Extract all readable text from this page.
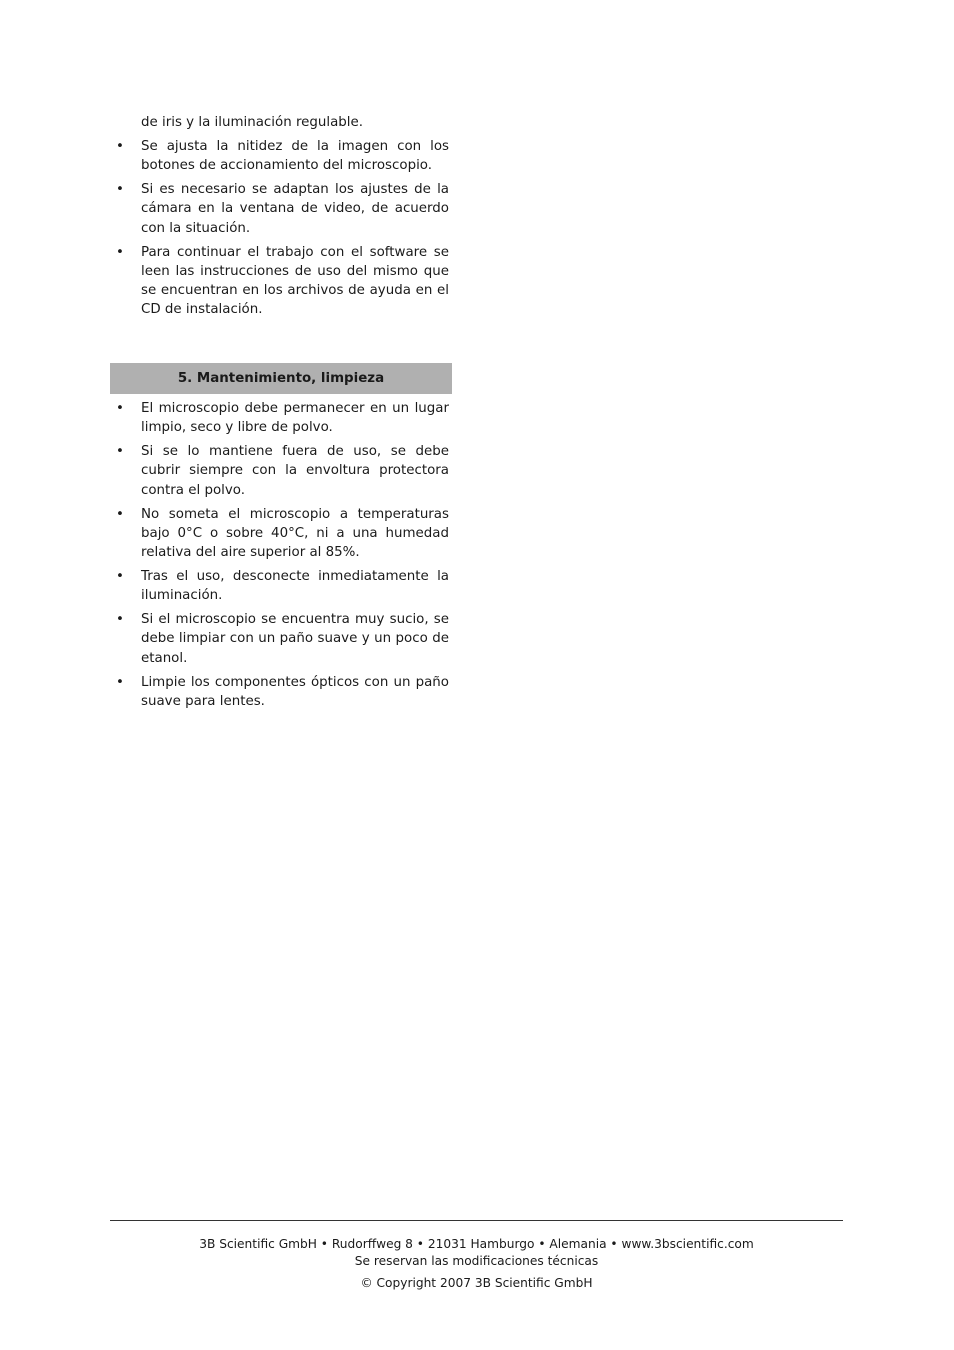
de iris y la iluminación regulable.
• Se ajusta la nitidez de la imagen con los botones de accionamiento del microscopio.
• Si es necesario se adaptan los ajustes de la cámara en la ventana de video, de acuerdo con la situación.
• Para continuar el trabajo con el software se leen las instrucciones de uso del mismo que se encuentran en los archivos de ayuda en el CD de instalación.
5. Mantenimiento, limpieza
• El microscopio debe permanecer en un lugar limpio, seco y libre de polvo.
• Si se lo mantiene fuera de uso, se debe cubrir siempre con la envoltura protectora contra el polvo.
• No someta el microscopio a temperaturas bajo 0°C o sobre 40°C, ni a una humedad relativa del aire superior al 85%.
• Tras el uso, desconecte inmediatamente la iluminación.
• Si el microscopio se encuentra muy sucio, se debe limpiar con un paño suave y un poco de etanol.
• Limpie los componentes ópticos con un paño suave para lentes.
3B Scientific GmbH • Rudorffweg 8 • 21031 Hamburgo • Alemania • www.3bscientific.com
Se reservan las modificaciones técnicas
© Copyright 2007 3B Scientific GmbH
